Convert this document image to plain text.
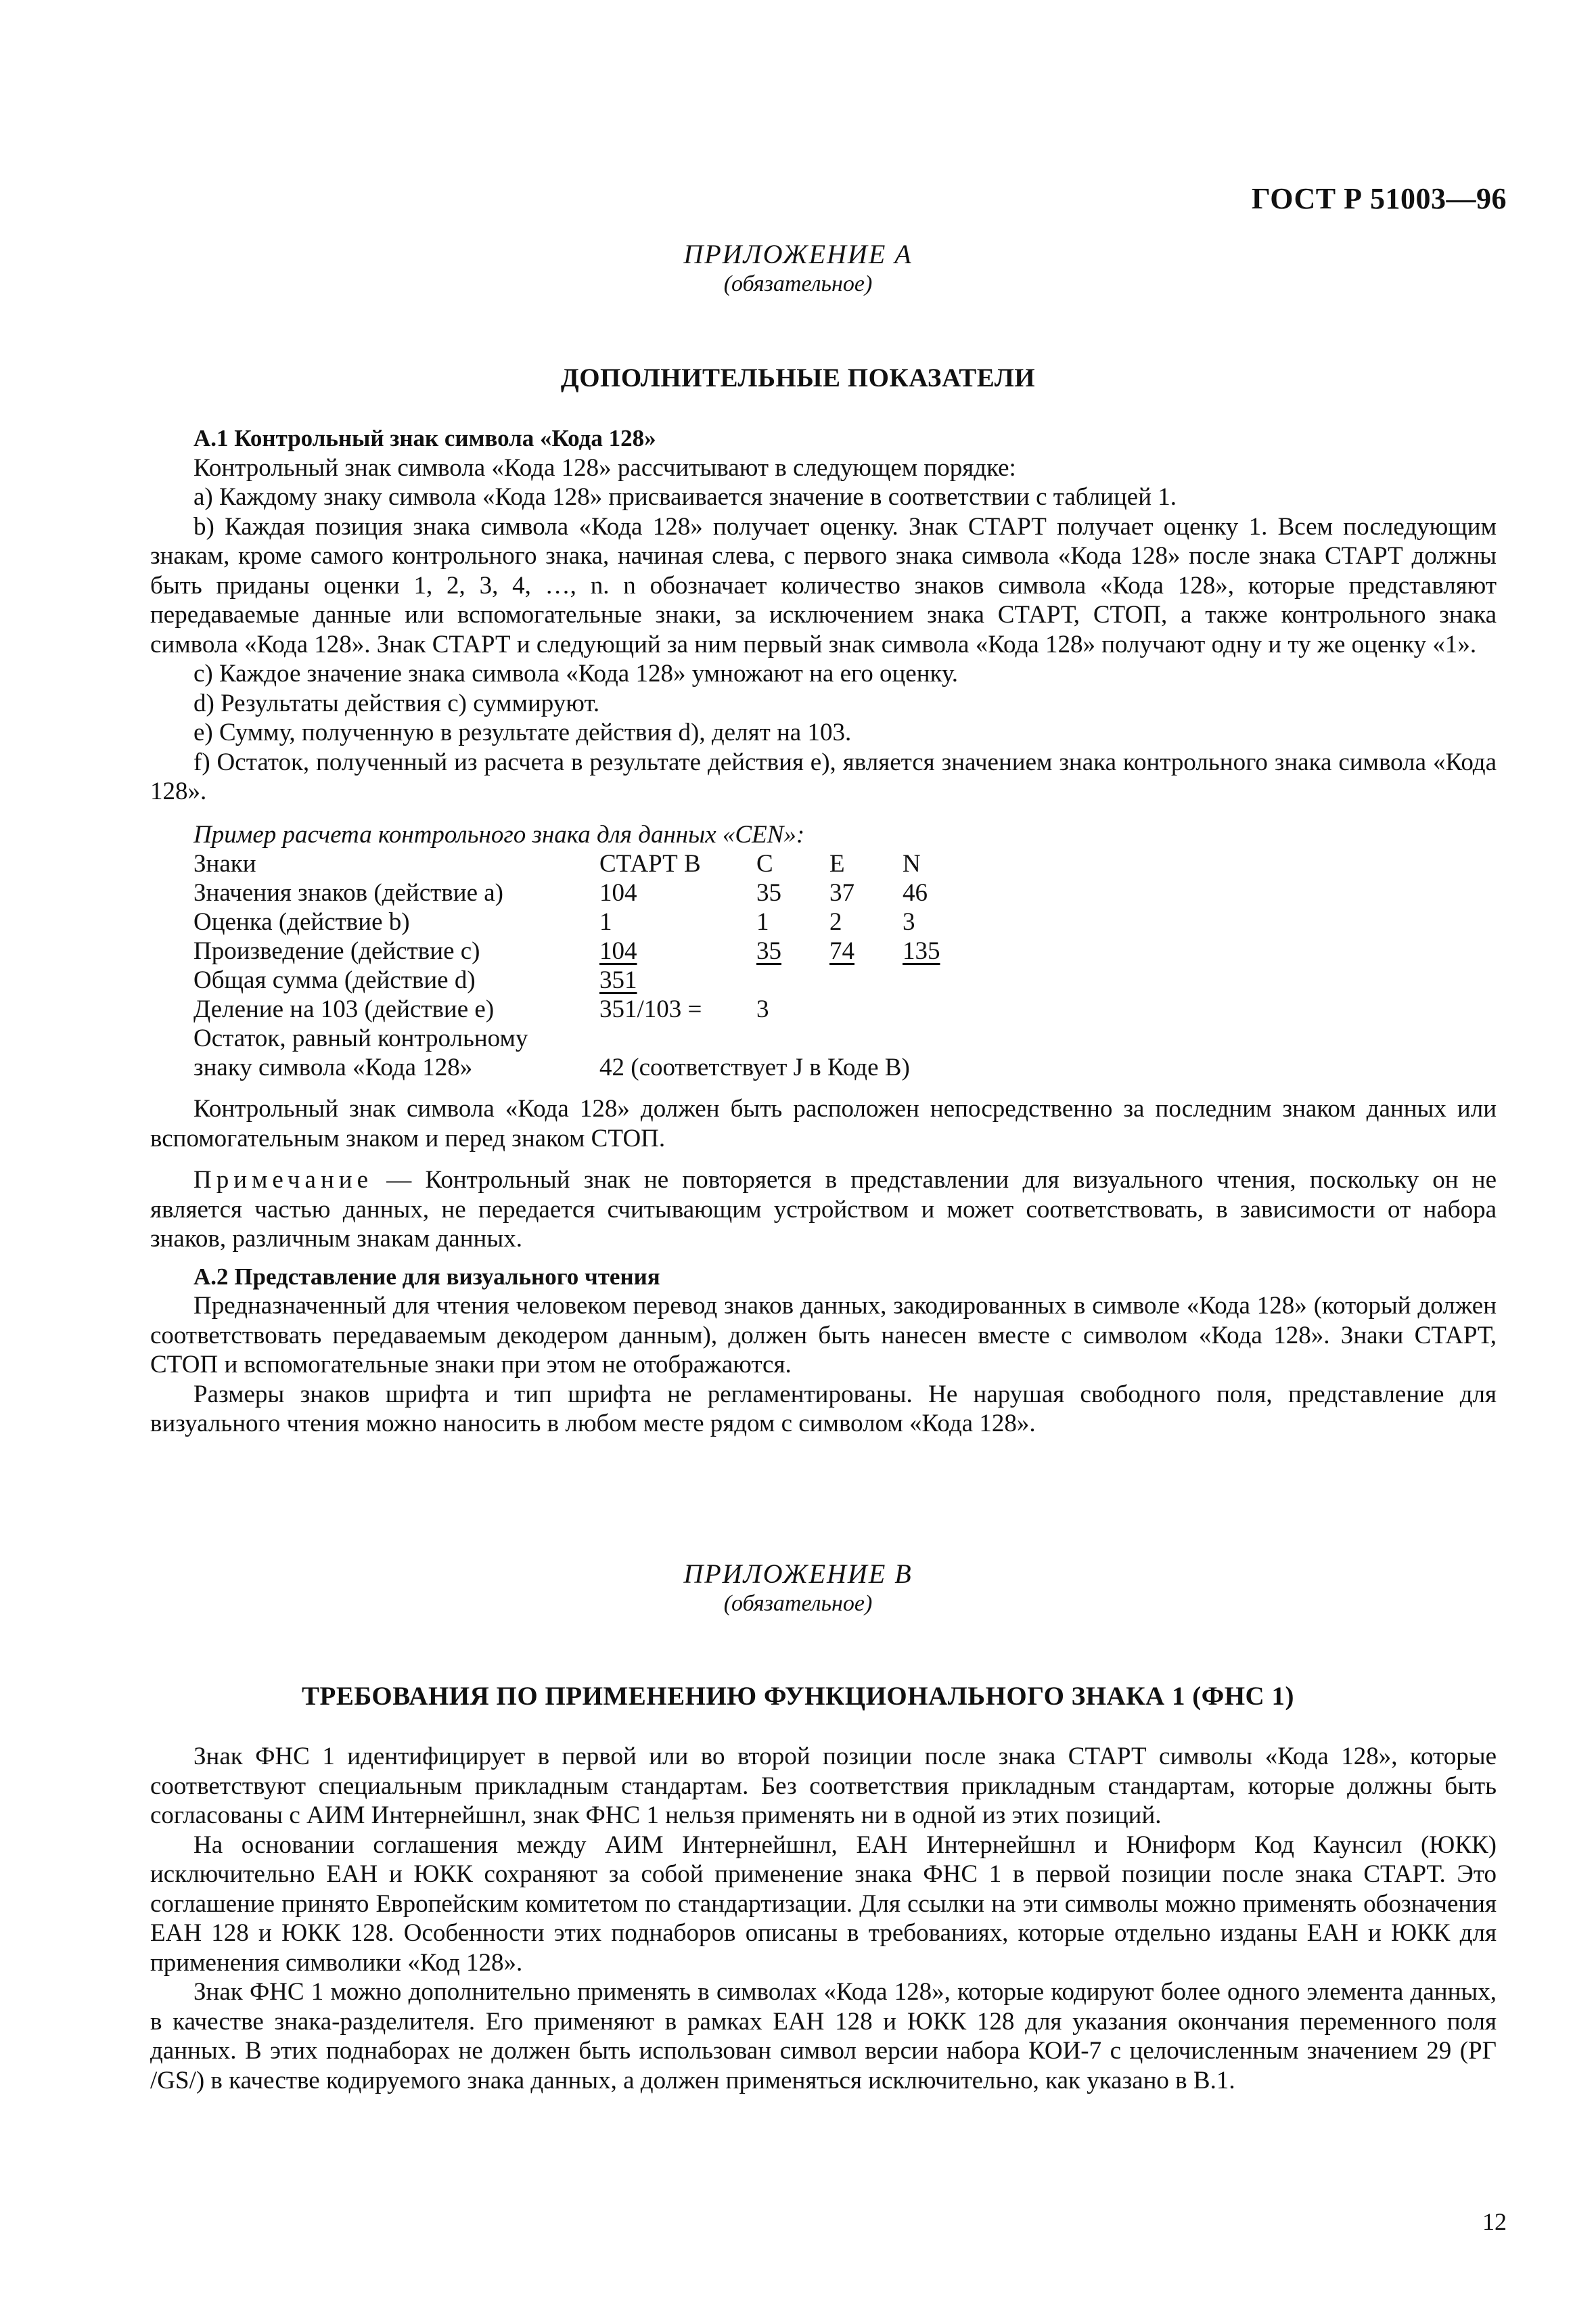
ГОСТ Р 51003—96
ПРИЛОЖЕНИЕ А
(обязательное)
ДОПОЛНИТЕЛЬНЫЕ ПОКАЗАТЕЛИ

А.1 Контрольный знак символа «Кода 128»

Контрольный знак символа «Кода 128» рассчитывают в следующем порядке:

а) Каждому знаку символа «Кода 128» присваивается значение в соответствии с таблицей 1.

b) Каждая позиция знака символа «Кода 128» получает оценку. Знак СТАРТ получает оценку 1. Всем последующим знакам, кроме самого контрольного знака, начиная слева, с первого знака символа «Кода 128» после знака СТАРТ должны быть приданы оценки 1, 2, 3, 4, …, n. n обозначает количество знаков символа «Кода 128», которые представляют передаваемые данные или вспомогательные знаки, за исключением знака СТАРТ, СТОП, а также контрольного знака символа «Кода 128». Знак СТАРТ и следующий за ним первый знак символа «Кода 128» получают одну и ту же оценку «1».

c) Каждое значение знака символа «Кода 128» умножают на его оценку.

d) Результаты действия с) суммируют.

e) Сумму, полученную в результате действия d), делят на 103.

f) Остаток, полученный из расчета в результате действия е), является значением знака контрольного знака символа «Кода 128».

Пример расчета контрольного знака для данных «CEN»:

Знаки	СТАРТ В	С	Е	N
Значения знаков (действие а)	104	35	37	46
Оценка (действие b)	1	1	2	3
Произведение (действие с)	104	35	74	135
Общая сумма (действие d)	351			
Деление на 103 (действие е)	351/103 =	3		
Остаток, равный контрольному				
знаку символа «Кода 128»	42 (соответствует J в Коде В)			

Контрольный знак символа «Кода 128» должен быть расположен непосредственно за последним знаком данных или вспомогательным знаком и перед знаком СТОП.

Примечание — Контрольный знак не повторяется в представлении для визуального чтения, поскольку он не является частью данных, не передается считывающим устройством и может соответствовать, в зависимости от набора знаков, различным знакам данных.

А.2 Представление для визуального чтения

Предназначенный для чтения человеком перевод знаков данных, закодированных в символе «Кода 128» (который должен соответствовать передаваемым декодером данным), должен быть нанесен вместе с символом «Кода 128». Знаки СТАРТ, СТОП и вспомогательные знаки при этом не отображаются.

Размеры знаков шрифта и тип шрифта не регламентированы. Не нарушая свободного поля, представление для визуального чтения можно наносить в любом месте рядом с символом «Кода 128».

ПРИЛОЖЕНИЕ В
(обязательное)
ТРЕБОВАНИЯ ПО ПРИМЕНЕНИЮ ФУНКЦИОНАЛЬНОГО ЗНАКА 1 (ФНС 1)

Знак ФНС 1 идентифицирует в первой или во второй позиции после знака СТАРТ символы «Кода 128», которые соответствуют специальным прикладным стандартам. Без соответствия прикладным стандартам, которые должны быть согласованы с АИМ Интернейшнл, знак ФНС 1 нельзя применять ни в одной из этих позиций.

На основании соглашения между АИМ Интернейшнл, ЕАН Интернейшнл и Юниформ Код Каунсил (ЮКК) исключительно ЕАН и ЮКК сохраняют за собой применение знака ФНС 1 в первой позиции после знака СТАРТ. Это соглашение принято Европейским комитетом по стандартизации. Для ссылки на эти символы можно применять обозначения ЕАН 128 и ЮКК 128. Особенности этих поднаборов описаны в требованиях, которые отдельно изданы ЕАН и ЮКК для применения символики «Код 128».

Знак ФНС 1 можно дополнительно применять в символах «Кода 128», которые кодируют более одного элемента данных, в качестве знака-разделителя. Его применяют в рамках ЕАН 128 и ЮКК 128 для указания окончания переменного поля данных. В этих поднаборах не должен быть использован символ версии набора КОИ-7 с целочисленным значением 29 (РГ /GS/) в качестве кодируемого знака данных, а должен применяться исключительно, как указано в В.1.

12
